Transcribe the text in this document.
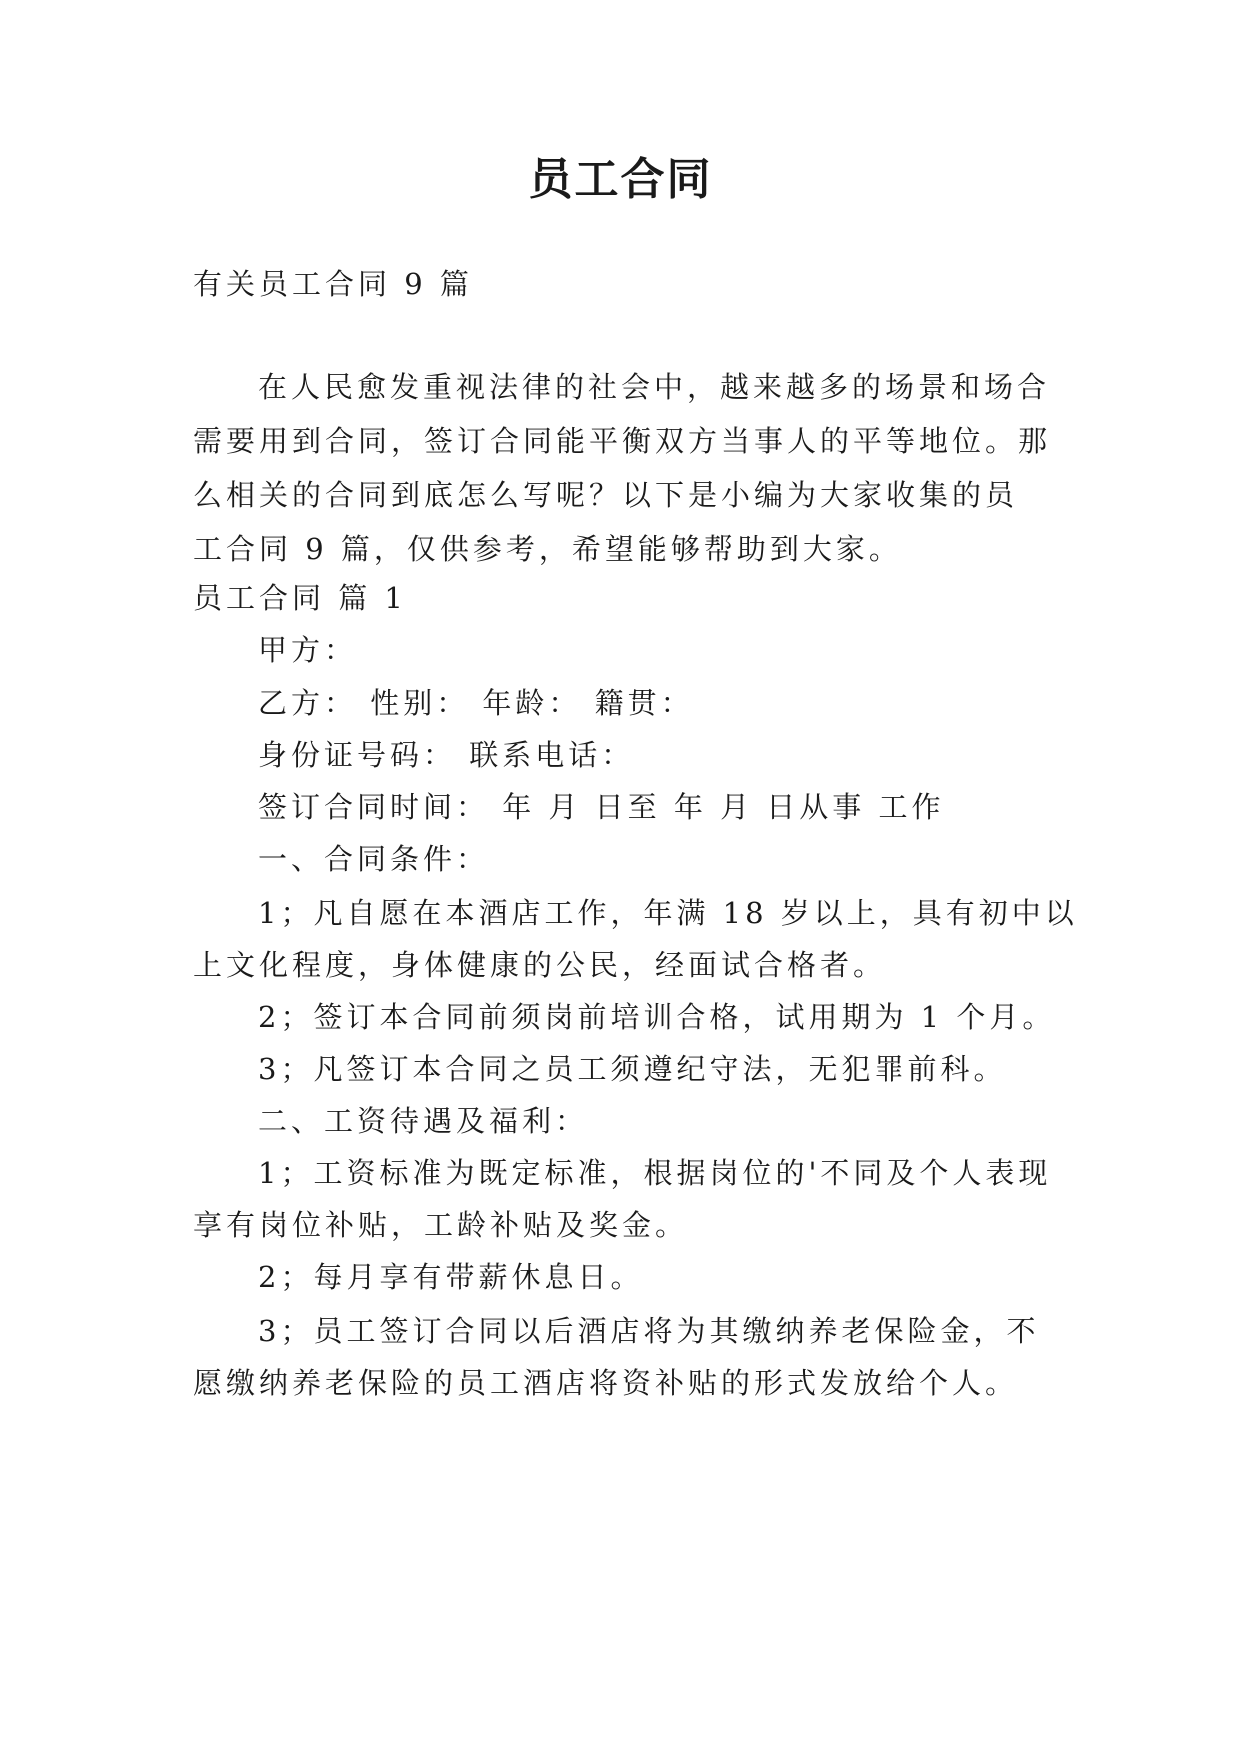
员工合同
有关员工合同 9 篇
在人民愈发重视法律的社会中，越来越多的场景和场合
需要用到合同，签订合同能平衡双方当事人的平等地位。那
么相关的合同到底怎么写呢？以下是小编为大家收集的员
工合同 9 篇，仅供参考，希望能够帮助到大家。
员工合同 篇 1
甲方：
乙方： 性别： 年龄： 籍贯：
身份证号码： 联系电话：
签订合同时间： 年 月 日至 年 月 日从事 工作
一、合同条件：
1；凡自愿在本酒店工作，年满 18 岁以上，具有初中以
上文化程度，身体健康的公民，经面试合格者。
2；签订本合同前须岗前培训合格，试用期为 1 个月。
3；凡签订本合同之员工须遵纪守法，无犯罪前科。
二、工资待遇及福利：
1；工资标准为既定标准，根据岗位的'不同及个人表现
享有岗位补贴，工龄补贴及奖金。
2；每月享有带薪休息日。
3；员工签订合同以后酒店将为其缴纳养老保险金，不
愿缴纳养老保险的员工酒店将资补贴的形式发放给个人。
